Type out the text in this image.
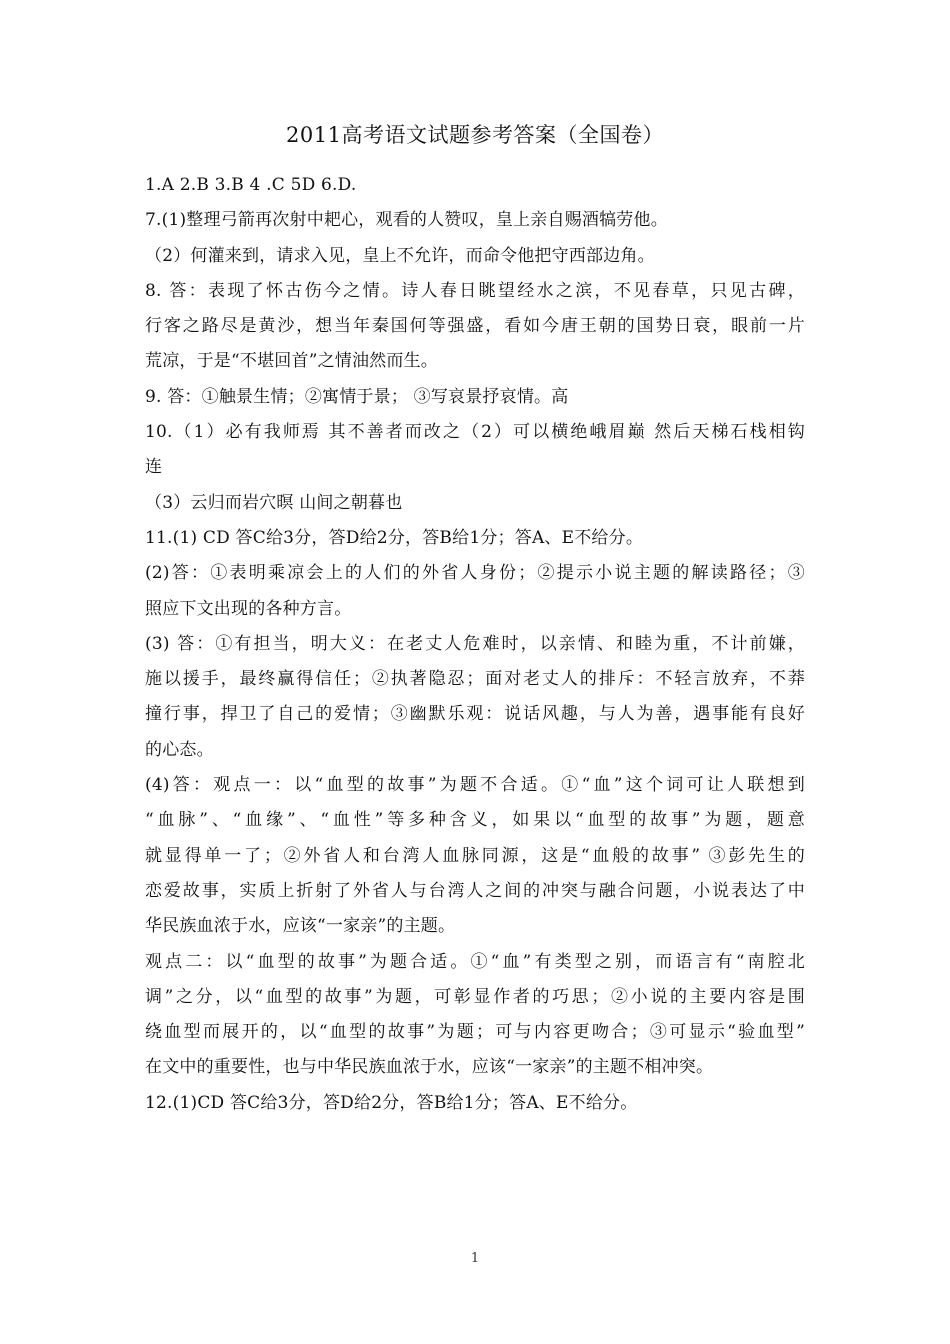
2011高考语文试题参考答案（全国卷）
1.A 2.B 3.B 4 .C 5D 6.D.
7.(1)整理弓箭再次射中耙心，观看的人赞叹，皇上亲自赐酒犒劳他。
（2）何灌来到，请求入见，皇上不允许，而命令他把守西部边角。
8. 答：表现了怀古伤今之情。诗人春日眺望经水之滨，不见春草，只见古碑，
行客之路尽是黄沙，想当年秦国何等强盛，看如今唐王朝的国势日衰，眼前一片
荒凉，于是“不堪回首”之情油然而生。
9. 答：①触景生情；②寓情于景； ③写哀景抒哀情。高
10.（1）必有我师焉 其不善者而改之（2）可以横绝峨眉巅 然后天梯石栈相钩
连
（3）云归而岩穴暝 山间之朝暮也
11.(1) CD 答C给3分，答D给2分，答B给1分；答A、E不给分。
(2)答：①表明乘凉会上的人们的外省人身份；②提示小说主题的解读路径；③
照应下文出现的各种方言。
(3) 答：①有担当，明大义：在老丈人危难时，以亲情、和睦为重，不计前嫌，
施以援手，最终赢得信任；②执著隐忍；面对老丈人的排斥：不轻言放弃，不莽
撞行事，捍卫了自己的爱情；③幽默乐观：说话风趣，与人为善，遇事能有良好
的心态。
(4)答：观点一：以“血型的故事”为题不合适。①“血”这个词可让人联想到
“血脉”、“血缘”、“血性”等多种含义，如果以“血型的故事”为题，题意
就显得单一了；②外省人和台湾人血脉同源，这是“血般的故事” ③彭先生的
恋爱故事，实质上折射了外省人与台湾人之间的冲突与融合问题，小说表达了中
华民族血浓于水，应该“一家亲”的主题。
观点二：以“血型的故事”为题合适。①“血”有类型之别，而语言有“南腔北
调”之分，以“血型的故事”为题，可彰显作者的巧思；②小说的主要内容是围
绕血型而展开的，以“血型的故事”为题；可与内容更吻合；③可显示“验血型”
在文中的重要性，也与中华民族血浓于水，应该“一家亲”的主题不相冲突。
12.(1)CD 答C给3分，答D给2分，答B给1分；答A、E不给分。
1
